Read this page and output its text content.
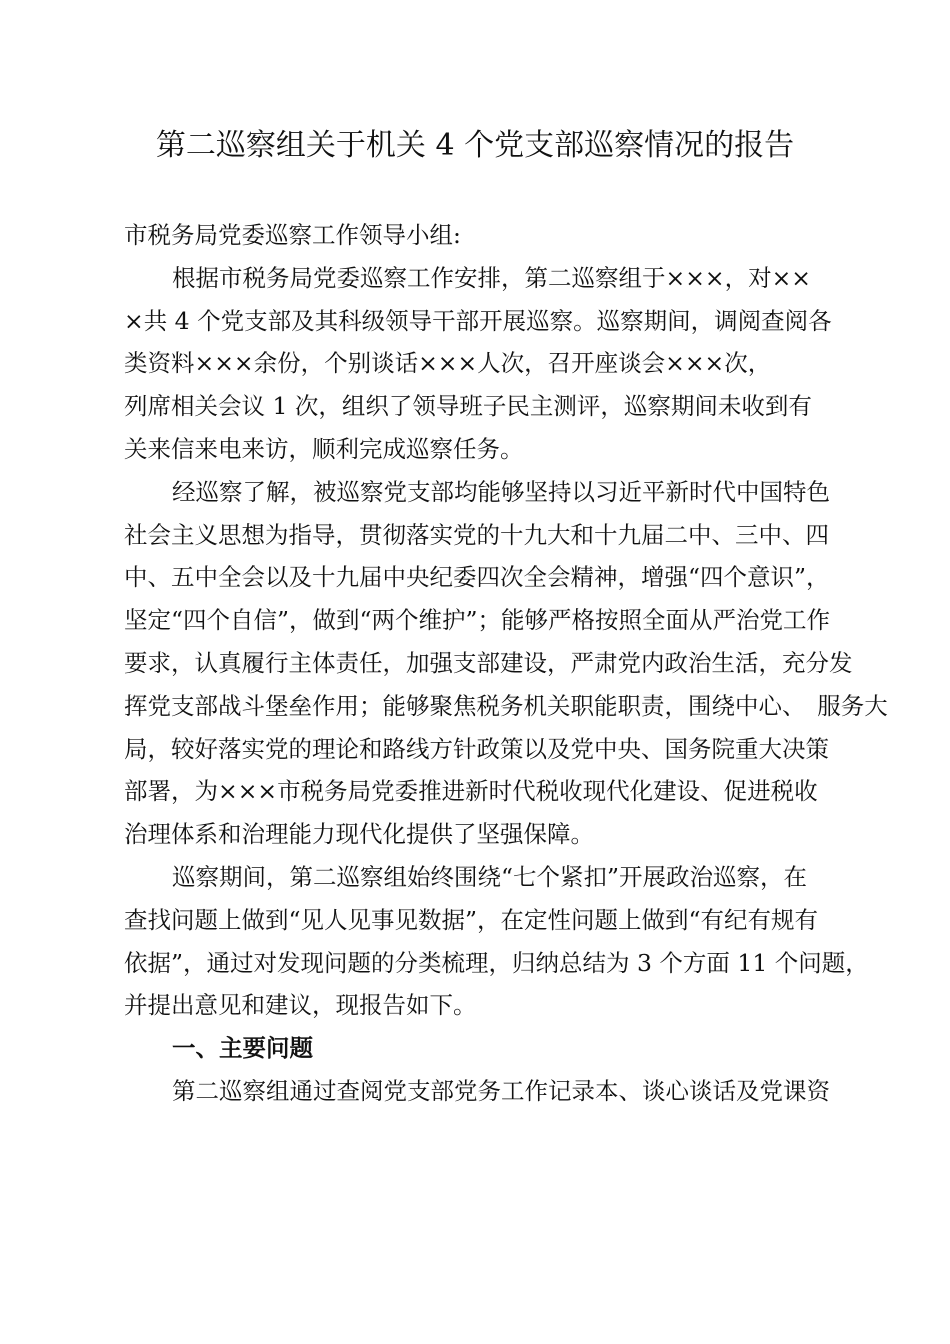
第二巡察组关于机关 4 个党支部巡察情况的报告
市税务局党委巡察工作领导小组:
根据市税务局党委巡察工作安排，第二巡察组于×××，对××
×共 4 个党支部及其科级领导干部开展巡察。巡察期间，调阅查阅各
类资料×××余份，个别谈话×××人次，召开座谈会×××次，
列席相关会议 1 次，组织了领导班子民主测评，巡察期间未收到有
关来信来电来访，顺利完成巡察任务。
经巡察了解，被巡察党支部均能够坚持以习近平新时代中国特色
社会主义思想为指导，贯彻落实党的十九大和十九届二中、三中、四
中、五中全会以及十九届中央纪委四次全会精神，增强“四个意识”，
坚定“四个自信”，做到“两个维护”；能够严格按照全面从严治党工作
要求，认真履行主体责任，加强支部建设，严肃党内政治生活，充分发
挥党支部战斗堡垒作用；能够聚焦税务机关职能职责，围绕中心、　服务大
局，较好落实党的理论和路线方针政策以及党中央、国务院重大决策
部署，为×××市税务局党委推进新时代税收现代化建设、促进税收
治理体系和治理能力现代化提供了坚强保障。
巡察期间，第二巡察组始终围绕“七个紧扣”开展政治巡察，在
查找问题上做到“见人见事见数据”，在定性问题上做到“有纪有规有
依据”，通过对发现问题的分类梳理，归纳总结为 3 个方面 11 个问题，
并提出意见和建议，现报告如下。
一、主要问题
第二巡察组通过查阅党支部党务工作记录本、谈心谈话及党课资
